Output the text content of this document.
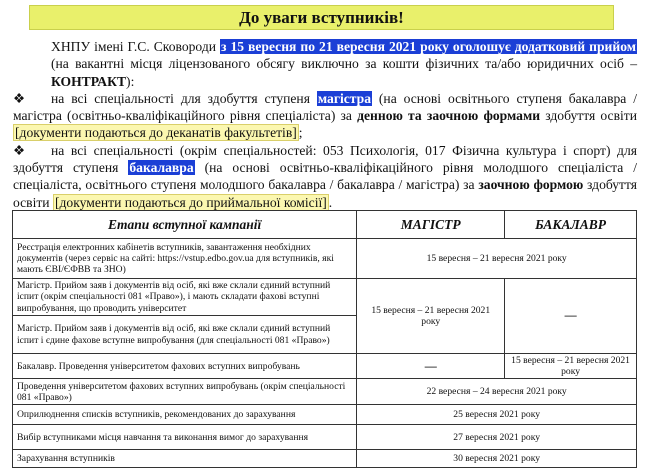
До уваги вступників!

ХНПУ імені Г.С. Сковороди з 15 вересня по 21 вересня 2021 року оголошує додатковий прийом (на вакантні місця ліцензованого обсягу виключно за кошти фізичних та/або юридичних осіб – КОНТРАКТ):

❖ на всі спеціальності для здобуття ступеня магістра (на основі освітнього ступеня бакалавра / магістра (освітньо-кваліфікаційного рівня спеціаліста) за денною та заочною формами здобуття освіти [документи подаються до деканатів факультетів] ;

❖ на всі спеціальності (окрім спеціальностей: 053 Психологія, 017 Фізична культура і спорт) для здобуття ступеня бакалавра (на основі освітньо-кваліфікаційного рівня молодшого спеціаліста / спеціаліста, освітнього ступеня молодшого бакалавра / бакалавра / магістра) за заочною формою здобуття освіти [документи подаються до приймальної комісії] .

Етапи вступної кампанії	МАГІСТР	БАКАЛАВР
Реєстрація електронних кабінетів вступників, завантаження необхідних документів (через сервіс на сайті: https://vstup.edbo.gov.ua для вступників, які мають ЄВІ/ЄФВВ та ЗНО)	15 вересня – 21 вересня 2021 року	
Магістр. Прийом заяв і документів від осіб, які вже склали єдиний вступний іспит (окрім спеціальності 081 «Право»), і мають складати фахові вступні випробування, що проводить університет	15 вересня – 21 вересня 2021 року	—
Магістр. Прийом заяв і документів від осіб, які вже склали єдиний вступний іспит і єдине фахове вступне випробування (для спеціальності 081 «Право»)		
Бакалавр. Проведення університетом фахових вступних випробувань	—	15 вересня – 21 вересня 2021 року
Проведення університетом фахових вступних випробувань (окрім спеціальності 081 «Право»)	22 вересня – 24 вересня 2021 року	
Оприлюднення списків вступників, рекомендованих до зарахування	25 вересня 2021 року	
Вибір вступниками місця навчання та виконання вимог до зарахування	27 вересня 2021 року	
Зарахування вступників	30 вересня 2021 року	
